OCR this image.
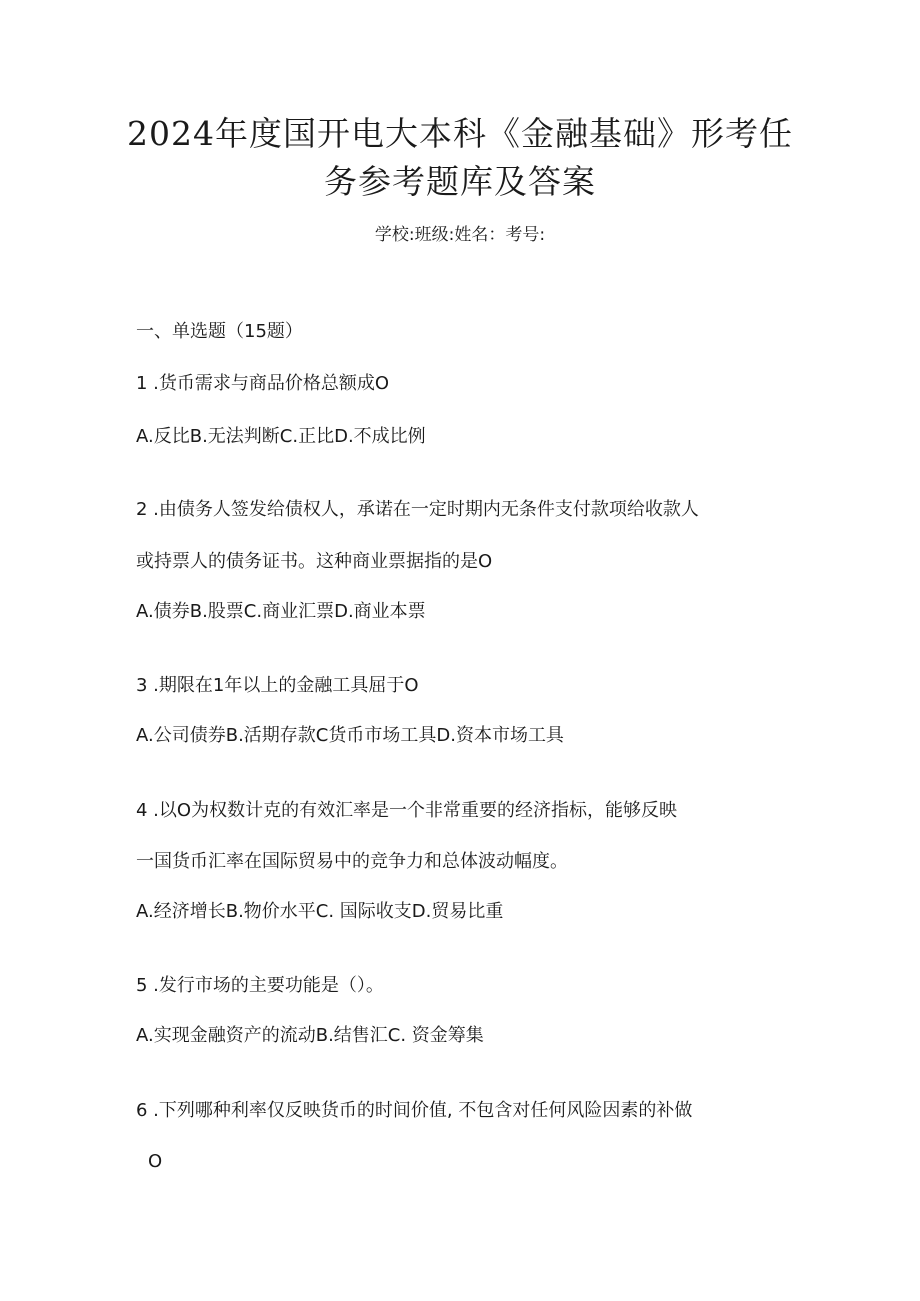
2024年度国开电大本科《金融基础》形考任
务参考题库及答案
学校:班级:姓名：考号:
一、单选题（15题）
1 .货币需求与商品价格总额成O
A.反比B.无法判断C.正比D.不成比例
2 .由债务人签发给债权人，承诺在一定时期内无条件支付款项给收款人
或持票人的债务证书。这种商业票据指的是O
A.债券B.股票C.商业汇票D.商业本票
3 .期限在1年以上的金融工具屈于O
A.公司债券B.活期存款C货币市场工具D.资本市场工具
4 .以O为权数计克的有效汇率是一个非常重要的经济指标，能够反映
一国货币汇率在国际贸易中的竞争力和总体波动幅度。
A.经济增长B.物价水平C. 国际收支D.贸易比重
5 .发行市场的主要功能是（）。
A.实现金融资产的流动B.结售汇C. 资金筹集
6 .下列哪种利率仅反映货币的时间价值, 不包含对任何风险因素的补做
O
